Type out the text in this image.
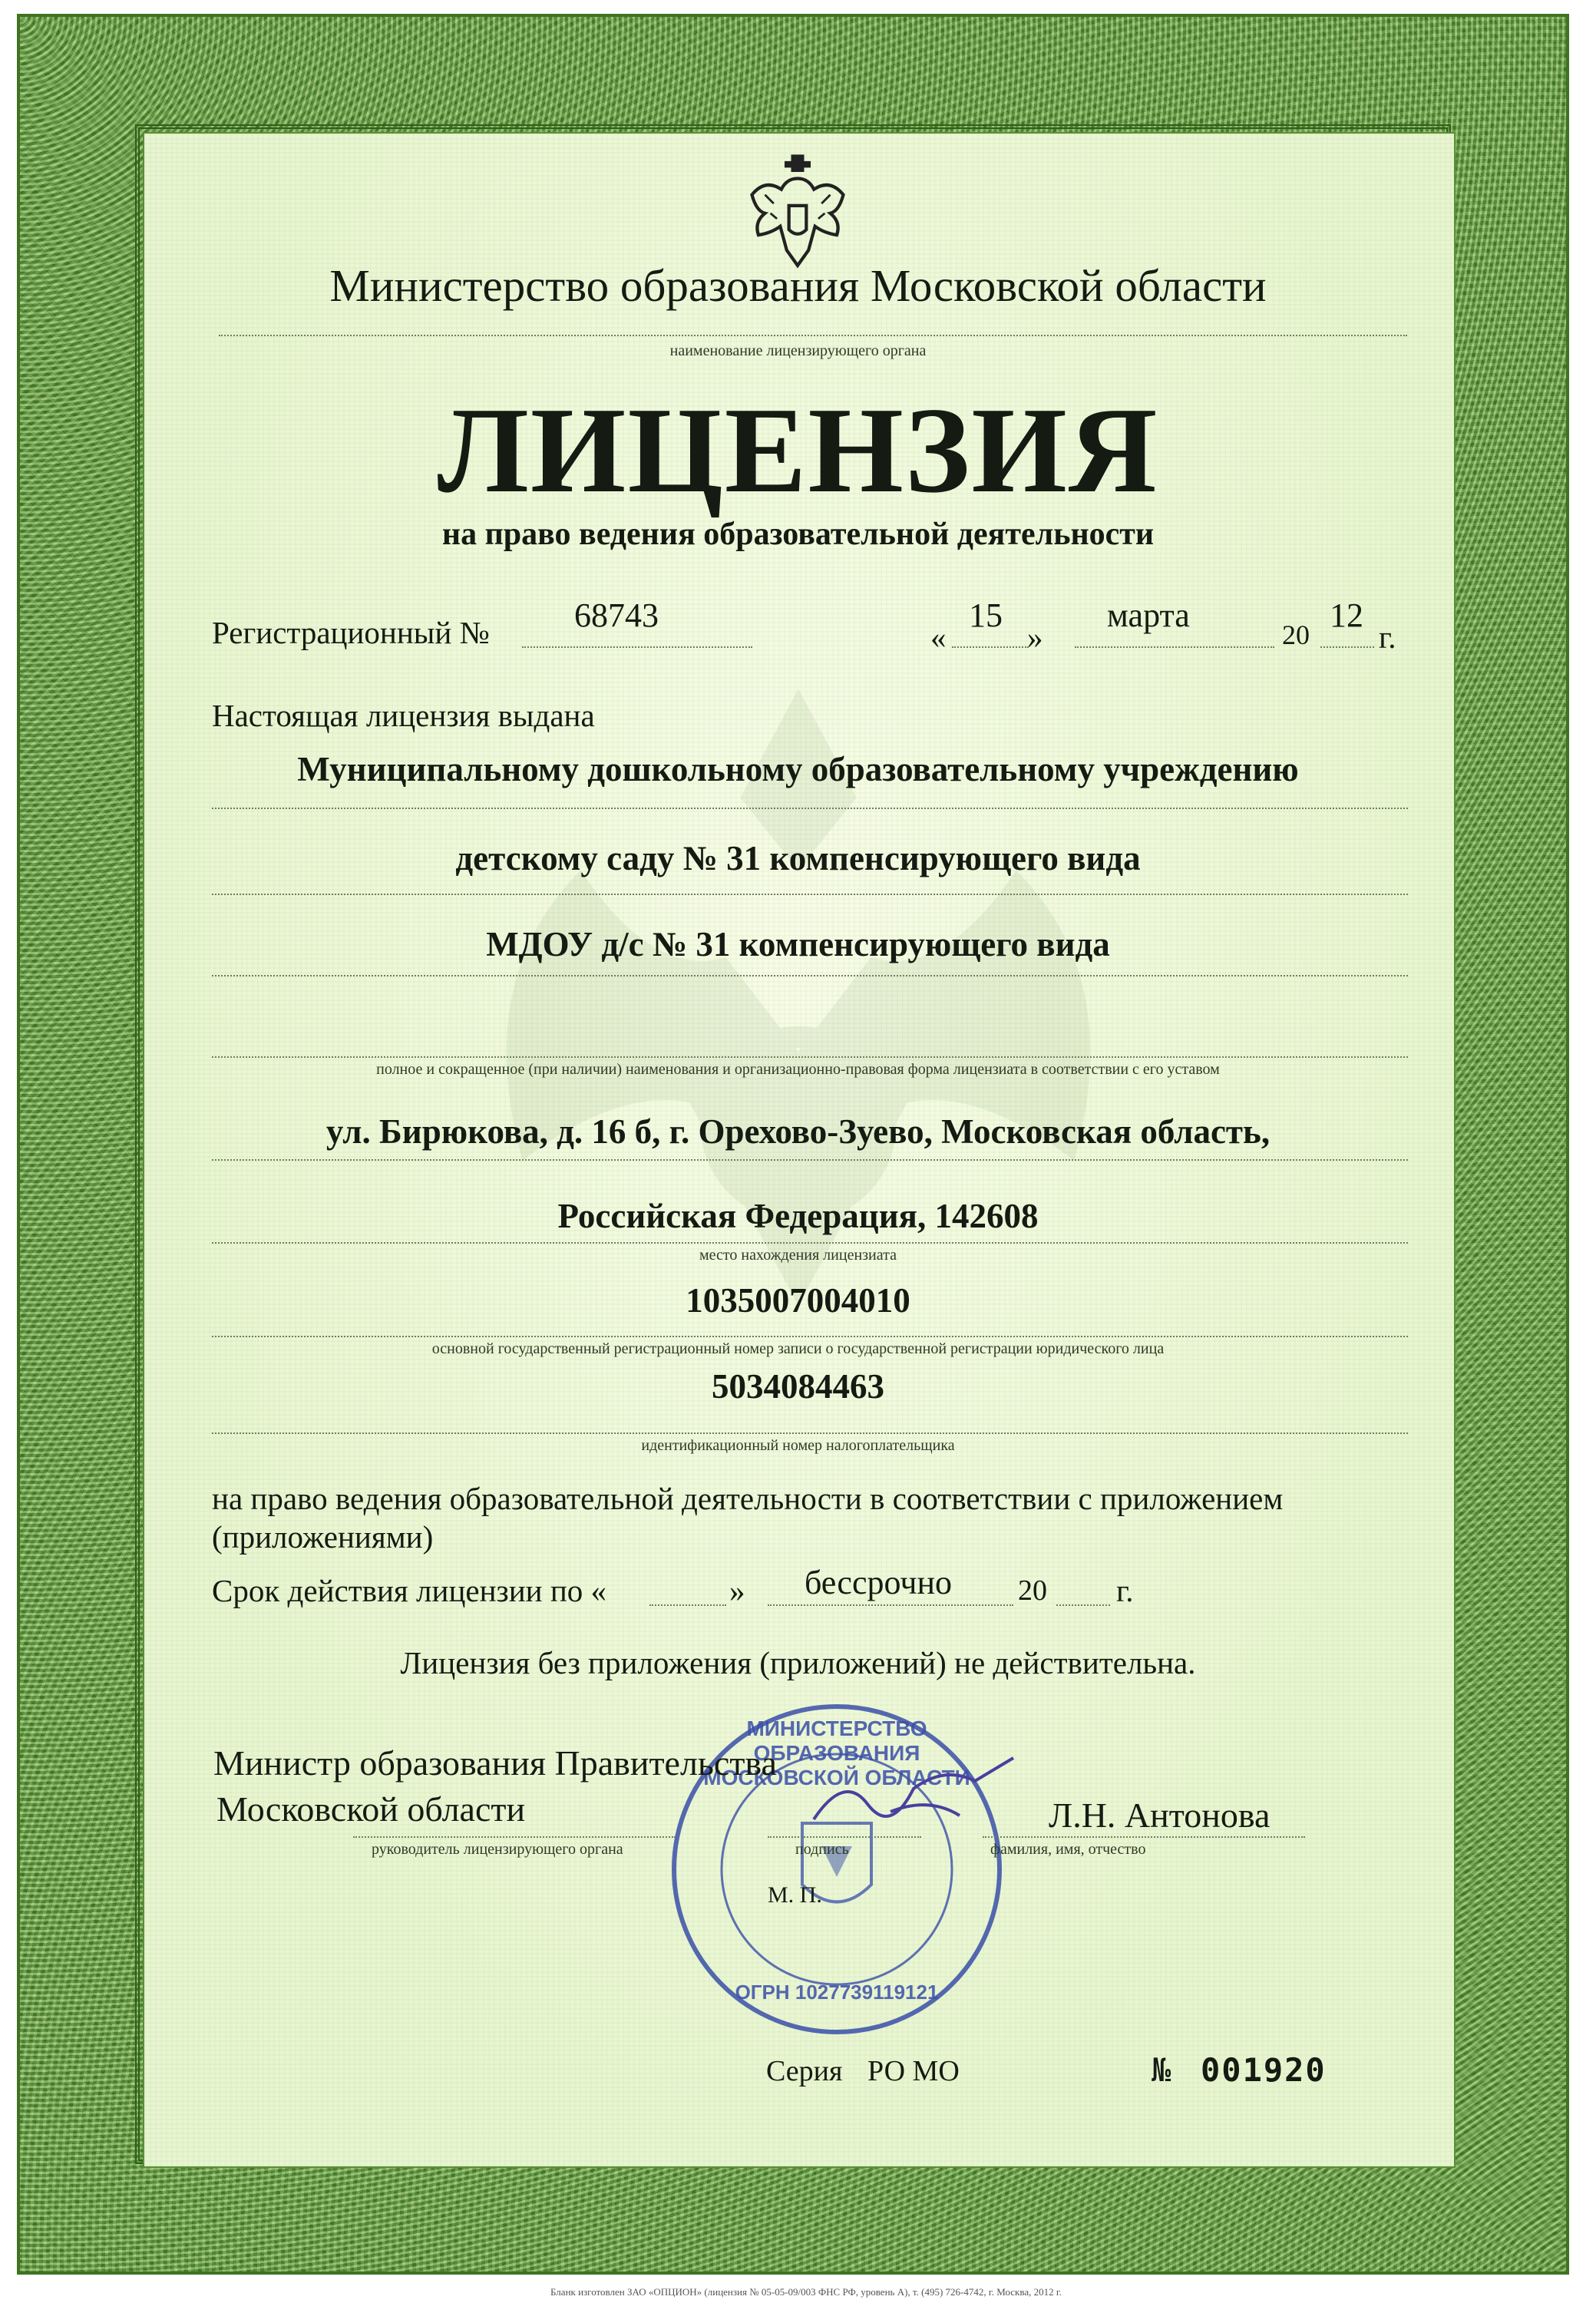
Министерство образования Московской области
наименование лицензирующего органа
ЛИЦЕНЗИЯ
на право ведения образовательной деятельности
Регистрационный №	68743
«
15
»
марта
20
12
г.
Настоящая лицензия выдана
Муниципальному дошкольному образовательному учреждению
детскому саду № 31 компенсирующего вида
МДОУ д/с № 31 компенсирующего вида
полное и сокращенное (при наличии) наименования и организационно-правовая форма лицензиата в соответствии с его уставом
ул. Бирюкова, д. 16 б, г. Орехово-Зуево, Московская область,
Российская Федерация, 142608
место нахождения лицензиата
1035007004010
основной государственный регистрационный номер записи о государственной регистрации юридического лица
5034084463
идентификационный номер налогоплательщика
на право ведения образовательной деятельности в соответствии с приложением
(приложениями)
Срок действия лицензии по «	» бессрочно 20 г.
Лицензия без приложения (приложений) не действительна.
МИНИСТЕРСТВО ОБРАЗОВАНИЯ МОСКОВСКОЙ ОБЛАСТИ
ОГРН 1027739119121
Министр образования Правительства
Московской области
руководитель лицензирующего органа	подпись
Л.Н. Антонова
фамилия, имя, отчество
М. П.
Серия РО МО	№ 001920
Бланк изготовлен ЗАО «ОПЦИОН» (лицензия № 05-05-09/003 ФНС РФ, уровень А), т. (495) 726-4742, г. Москва, 2012 г.
